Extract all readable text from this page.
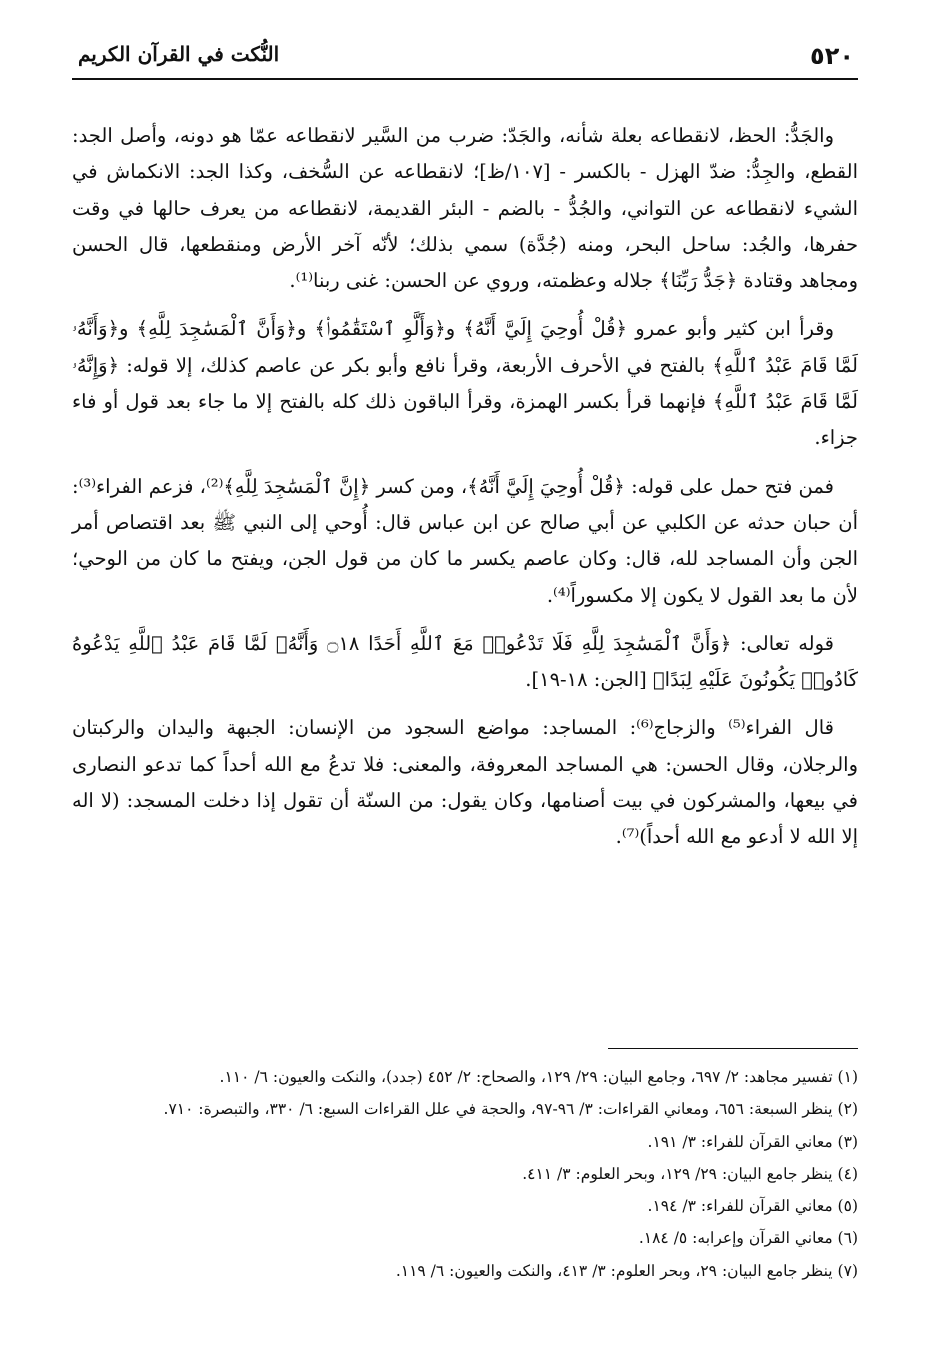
٥٢٠
النُّكت في القرآن الكريم

والجَدُّ: الحظ، لانقطاعه بعلة شأنه، والجَدّ: ضرب من السَّير لانقطاعه عمّا هو دونه، وأصل الجد: القطع، والجِدُّ: ضدّ الهزل - بالكسر - [١٠٧/ظ]؛ لانقطاعه عن السُّخف، وكذا الجد: الانكماش في الشيء لانقطاعه عن التواني، والجُدُّ - بالضم - البئر القديمة، لانقطاعه من يعرف حالها في وقت حفرها، والجُد: ساحل البحر، ومنه (جُدَّة) سمي بذلك؛ لأنّه آخر الأرض ومنقطعها، قال الحسن ومجاهد وقتادة ﴿جَدُّ رَبِّنَا﴾ جلاله وعظمته، وروي عن الحسن: غنى ربنا⁽¹⁾.

وقرأ ابن كثير وأبو عمرو ﴿قُلْ أُوحِيَ إِلَيَّ أَنَّهُ﴾ و﴿وَأَلَّوِ ٱسْتَقَٰمُوا۟﴾ و﴿وَأَنَّ ٱلْمَسَٰجِدَ لِلَّهِ﴾ و﴿وَأَنَّهُۥ لَمَّا قَامَ عَبْدُ ٱللَّهِ﴾ بالفتح في الأحرف الأربعة، وقرأ نافع وأبو بكر عن عاصم كذلك، إلا قوله: ﴿وَإِنَّهُۥ لَمَّا قَامَ عَبْدُ ٱللَّهِ﴾ فإنهما قرأ بكسر الهمزة، وقرأ الباقون ذلك كله بالفتح إلا ما جاء بعد قول أو فاء جزاء.

فمن فتح حمل على قوله: ﴿قُلْ أُوحِيَ إِلَيَّ أَنَّهُ﴾، ومن كسر ﴿إِنَّ ٱلْمَسَٰجِدَ لِلَّهِ﴾⁽²⁾، فزعم الفراء⁽³⁾: أن حبان حدثه عن الكلبي عن أبي صالح عن ابن عباس قال: أُوحي إلى النبي ﷺ بعد اقتصاص أمر الجن وأن المساجد لله، قال: وكان عاصم يكسر ما كان من قول الجن، ويفتح ما كان من الوحي؛ لأن ما بعد القول لا يكون إلا مكسوراً⁽⁴⁾.

قوله تعالى: ﴿وَأَنَّ ٱلْمَسَٰجِدَ لِلَّهِ فَلَا تَدْعُوا۟ مَعَ ٱللَّهِ أَحَدًا ۝١٨ وَأَنَّهُۥ لَمَّا قَامَ عَبْدُ ٱللَّهِ يَدْعُوهُ كَادُوا۟ يَكُونُونَ عَلَيْهِ لِبَدًا﴾ [الجن: ١٨-١٩].

قال الفراء⁽⁵⁾ والزجاج⁽⁶⁾: المساجد: مواضع السجود من الإنسان: الجبهة واليدان والركبتان والرجلان، وقال الحسن: هي المساجد المعروفة، والمعنى: فلا تدعُ مع الله أحداً كما تدعو النصارى في بيعها، والمشركون في بيت أصنامها، وكان يقول: من السنّة أن تقول إذا دخلت المسجد: (لا اله إلا الله لا أدعو مع الله أحداً)⁽⁷⁾.

(١) تفسير مجاهد: ٢/ ٦٩٧، وجامع البيان: ٢٩/ ١٢٩، والصحاح: ٢/ ٤٥٢ (جدد)، والنكت والعيون: ٦/ ١١٠.
(٢) ينظر السبعة: ٦٥٦، ومعاني القراءات: ٣/ ٩٦-٩٧، والحجة في علل القراءات السبع: ٦/ ٣٣٠، والتبصرة: ٧١٠.
(٣) معاني القرآن للفراء: ٣/ ١٩١.
(٤) ينظر جامع البيان: ٢٩/ ١٢٩، وبحر العلوم: ٣/ ٤١١.
(٥) معاني القرآن للفراء: ٣/ ١٩٤.
(٦) معاني القرآن وإعرابه: ٥/ ١٨٤.
(٧) ينظر جامع البيان: ٢٩، وبحر العلوم: ٣/ ٤١٣، والنكت والعيون: ٦/ ١١٩.
